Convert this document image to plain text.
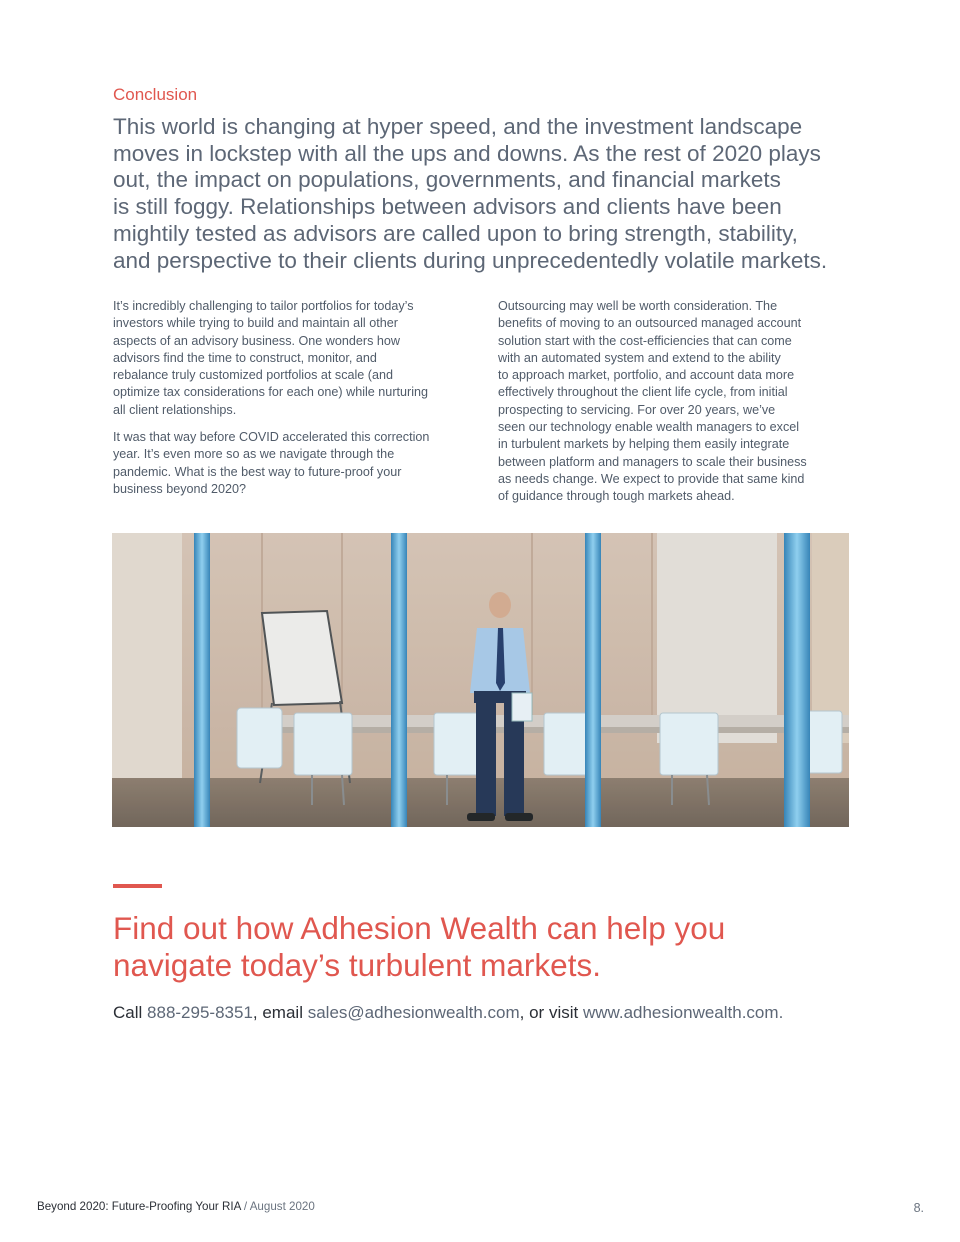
Conclusion

This world is changing at hyper speed, and the investment landscape
moves in lockstep with all the ups and downs. As the rest of 2020 plays
out, the impact on populations, governments, and financial markets
is still foggy. Relationships between advisors and clients have been
mightily tested as advisors are called upon to bring strength, stability,
and perspective to their clients during unprecedentedly volatile markets.

It’s incredibly challenging to tailor portfolios for today’s
investors while trying to build and maintain all other
aspects of an advisory business. One wonders how
advisors find the time to construct, monitor, and
rebalance truly customized portfolios at scale (and
optimize tax considerations for each one) while nurturing
all client relationships.
It was that way before COVID accelerated this correction
year. It’s even more so as we navigate through the
pandemic. What is the best way to future-proof your
business beyond 2020?
Outsourcing may well be worth consideration. The
benefits of moving to an outsourced managed account
solution start with the cost-efficiencies that can come
with an automated system and extend to the ability
to approach market, portfolio, and account data more
effectively throughout the client life cycle, from initial
prospecting to servicing. For over 20 years, we’ve
seen our technology enable wealth managers to excel
in turbulent markets by helping them easily integrate
between platform and managers to scale their business
as needs change. We expect to provide that same kind
of guidance through tough markets ahead.
Find out how Adhesion Wealth can help you
navigate today’s turbulent markets.
Call 888-295-8351, email sales@adhesionwealth.com, or visit www.adhesionwealth.com.
Beyond 2020: Future-Proofing Your RIA / August 2020	8.
